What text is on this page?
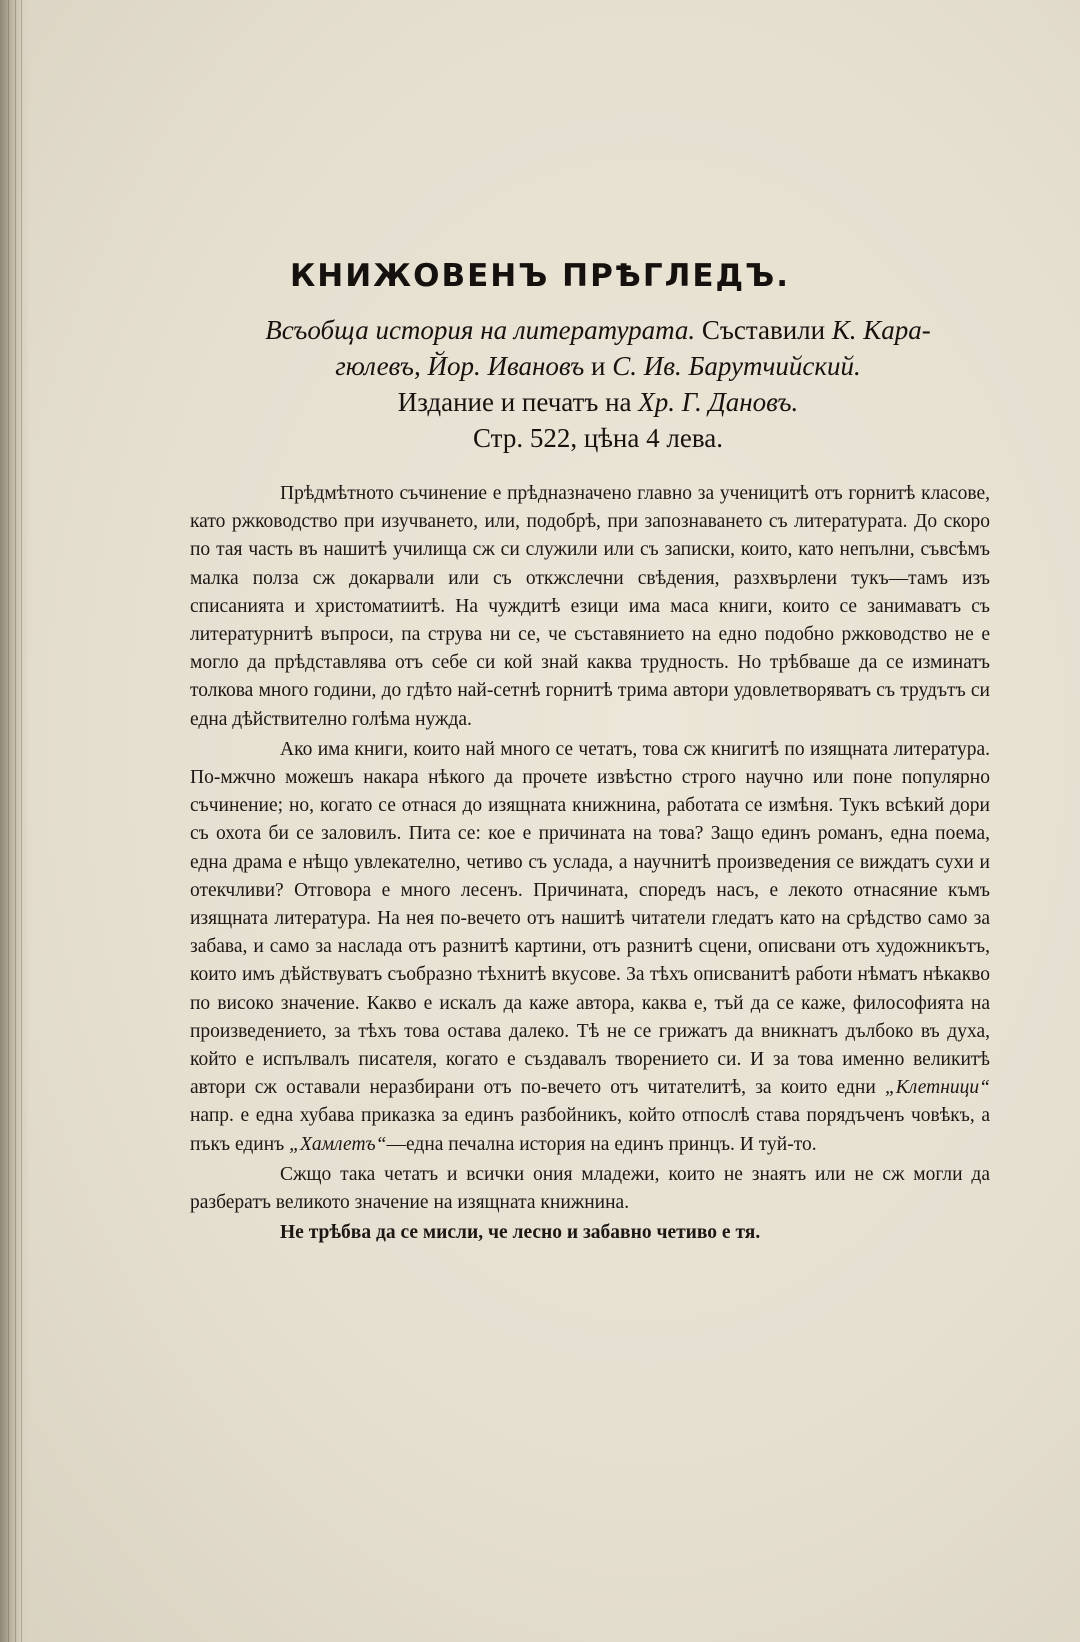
КНИЖОВЕНЪ ПРѢГЛЕДЪ.
Всъобща история на литературата. Съставили К. Кара-
гюлевъ, Йор. Ивановъ и С. Ив. Барутчийский.
Издание и печатъ на Хр. Г. Дановъ.
Стр. 522, цѣна 4 лева.

Прѣдмѣтното съчинение е прѣдназначено главно за ученицитѣ отъ горнитѣ класове, като ржководство при изучването, или, подобрѣ, при запознаването съ литературата. До скоро по тая часть въ нашитѣ училища сж си служили или съ записки, които, като непълни, съвсѣмъ малка полза сж докарвали или съ откжслечни свѣдения, разхвърлени тукъ—тамъ изъ списанията и христоматиитѣ. На чуждитѣ езици има маса книги, които се занимаватъ съ литературнитѣ въпроси, па струва ни се, че съставянието на едно подобно ржководство не е могло да прѣдставлява отъ себе си кой знай каква трудность. Но трѣбваше да се изминатъ толкова много години, до гдѣто най-сетнѣ горнитѣ трима автори удовлетворяватъ съ трудътъ си една дѣйствително голѣма нужда.

Ако има книги, които най много се четатъ, това сж книгитѣ по изящната литература. По-мжчно можешъ накара нѣкого да прочете извѣстно строго научно или поне популярно съчинение; но, когато се отнася до изящната книжнина, работата се измѣня. Тукъ всѣкий дори съ охота би се заловилъ. Пита се: кое е причината на това? Защо единъ романъ, една поема, една драма е нѣщо увлекателно, четиво съ услада, а научнитѣ произведения се виждатъ сухи и отекчливи? Отговора е много лесенъ. Причината, споредъ насъ, е лекото отнасяние къмъ изящната литература. На нея по-вечето отъ нашитѣ читатели гледатъ като на срѣдство само за забава, и само за наслада отъ разнитѣ картини, отъ разнитѣ сцени, описвани отъ художникътъ, които имъ дѣйствуватъ съобразно тѣхнитѣ вкусове. За тѣхъ описванитѣ работи нѣматъ нѣкакво по високо значение. Какво е искалъ да каже автора, каква е, тъй да се каже, философията на произведението, за тѣхъ това остава далеко. Тѣ не се грижатъ да вникнатъ дълбоко въ духа, който е испълвалъ писателя, когато е създавалъ творението си. И за това именно великитѣ автори сж оставали неразбирани отъ по-вечето отъ читателитѣ, за които едни „Клетници“ напр. е една хубава приказка за единъ разбойникъ, който отпослѣ става порядъченъ човѣкъ, а пъкъ единъ „Хамлетъ“—една печална история на единъ принцъ. И туй-то.

Сжщо така четатъ и всички ония младежи, които не знаятъ или не сж могли да разбератъ великото значение на изящната книжнина.

Не трѣбва да се мисли, че лесно и забавно четиво е тя.
